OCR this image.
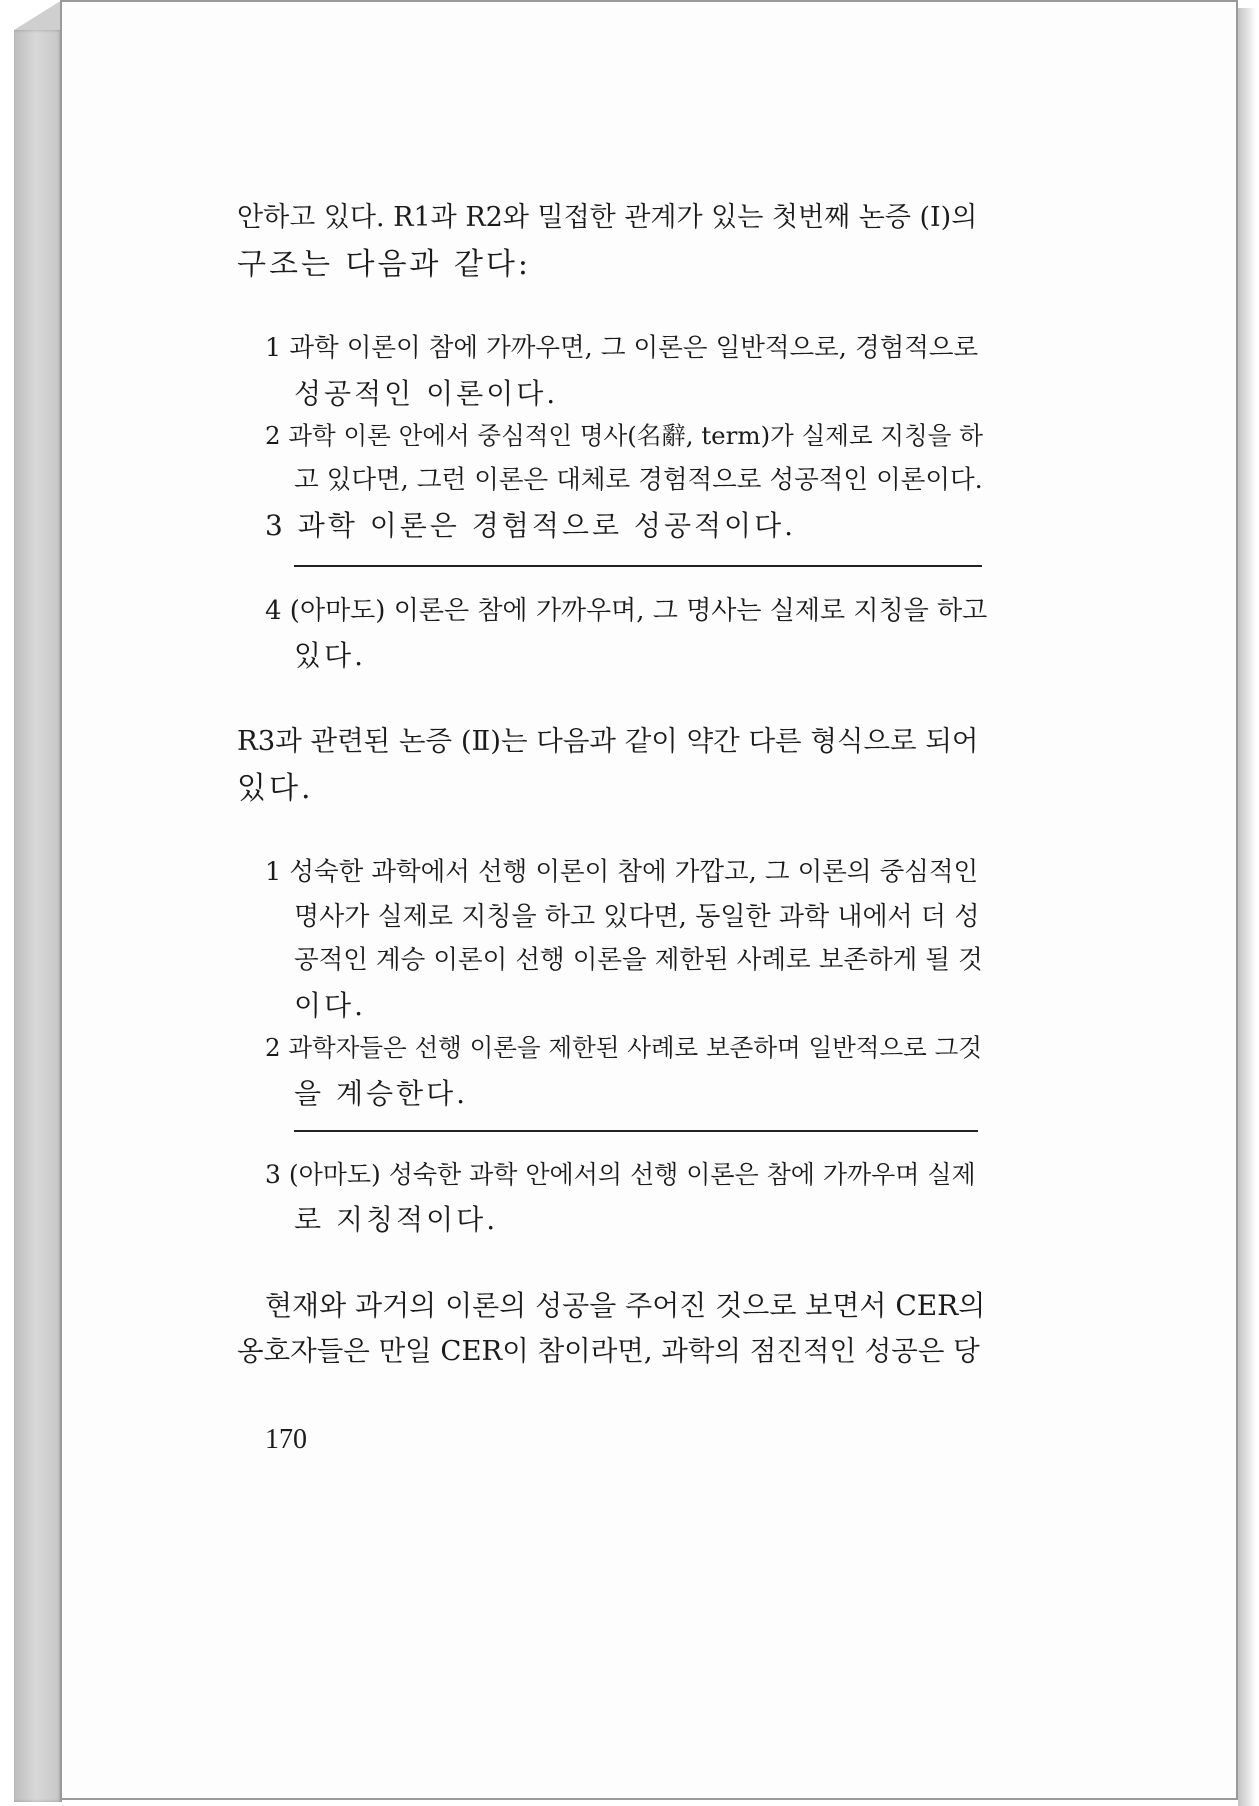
안하고 있다. R1과 R2와 밀접한 관계가 있는 첫번째 논증 (Ⅰ)의
구조는 다음과 같다:
1 과학 이론이 참에 가까우면, 그 이론은 일반적으로, 경험적으로
성공적인 이론이다.
2 과학 이론 안에서 중심적인 명사(名辭, term)가 실제로 지칭을 하
고 있다면, 그런 이론은 대체로 경험적으로 성공적인 이론이다.
3 과학 이론은 경험적으로 성공적이다.
4 (아마도) 이론은 참에 가까우며, 그 명사는 실제로 지칭을 하고
있다.
R3과 관련된 논증 (Ⅱ)는 다음과 같이 약간 다른 형식으로 되어
있다.
1 성숙한 과학에서 선행 이론이 참에 가깝고, 그 이론의 중심적인
명사가 실제로 지칭을 하고 있다면, 동일한 과학 내에서 더 성
공적인 계승 이론이 선행 이론을 제한된 사례로 보존하게 될 것
이다.
2 과학자들은 선행 이론을 제한된 사례로 보존하며 일반적으로 그것
을 계승한다.
3 (아마도) 성숙한 과학 안에서의 선행 이론은 참에 가까우며 실제
로 지칭적이다.
현재와 과거의 이론의 성공을 주어진 것으로 보면서 CER의
옹호자들은 만일 CER이 참이라면, 과학의 점진적인 성공은 당
170
